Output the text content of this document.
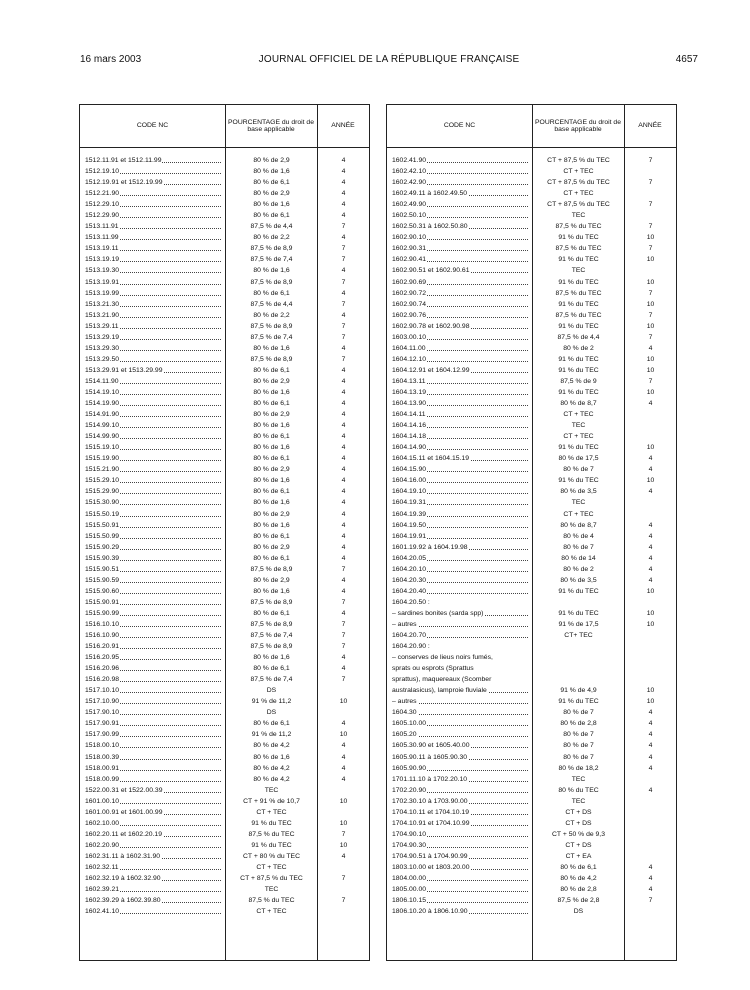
16 mars 2003	JOURNAL OFFICIEL DE LA RÉPUBLIQUE FRANÇAISE	4657
CODE NC
POURCENTAGE du droit de base applicable
ANNÉE
1512.11.91 et 1512.11.99	80 % de 2,9	4
1512.19.10	80 % de 1,6	4
1512.19.91 et 1512.19.99	80 % de 6,1	4
1512.21.90	80 % de 2,9	4
1512.29.10	80 % de 1,6	4
1512.29.90	80 % de 6,1	4
1513.11.91	87,5 % de 4,4	7
1513.11.99	80 % de 2,2	4
1513.19.11	87,5 % de 8,9	7
1513.19.19	87,5 % de 7,4	7
1513.19.30	80 % de 1,6	4
1513.19.91	87,5 % de 8,9	7
1513.19.99	80 % de 6,1	4
1513.21.30	87,5 % de 4,4	7
1513.21.90	80 % de 2,2	4
1513.29.11	87,5 % de 8,9	7
1513.29.19	87,5 % de 7,4	7
1513.29.30	80 % de 1,6	4
1513.29.50	87,5 % de 8,9	7
1513.29.91 et 1513.29.99	80 % de 6,1	4
1514.11.90	80 % de 2,9	4
1514.19.10	80 % de 1,6	4
1514.19.90	80 % de 6,1	4
1514.91.90	80 % de 2,9	4
1514.99.10	80 % de 1,6	4
1514.99.90	80 % de 6,1	4
1515.19.10	80 % de 1,6	4
1515.19.90	80 % de 6,1	4
1515.21.90	80 % de 2,9	4
1515.29.10	80 % de 1,6	4
1515.29.90	80 % de 6,1	4
1515.30.90	80 % de 1,6	4
1515.50.19	80 % de 2,9	4
1515.50.91	80 % de 1,6	4
1515.50.99	80 % de 6,1	4
1515.90.29	80 % de 2,9	4
1515.90.39	80 % de 6,1	4
1515.90.51	87,5 % de 8,9	7
1515.90.59	80 % de 2,9	4
1515.90.60	80 % de 1,6	4
1515.90.91	87,5 % de 8,9	7
1515.90.99	80 % de 6,1	4
1516.10.10	87,5 % de 8,9	7
1516.10.90	87,5 % de 7,4	7
1516.20.91	87,5 % de 8,9	7
1516.20.95	80 % de 1,6	4
1516.20.96	80 % de 6,1	4
1516.20.98	87,5 % de 7,4	7
1517.10.10	DS
1517.10.90	91 % de 11,2	10
1517.90.10	DS
1517.90.91	80 % de 6,1	4
1517.90.99	91 % de 11,2	10
1518.00.10	80 % de 4,2	4
1518.00.39	80 % de 1,6	4
1518.00.91	80 % de 4,2	4
1518.00.99	80 % de 4,2	4
1522.00.31 et 1522.00.39	TEC
1601.00.10	CT + 91 % de 10,7	10
1601.00.91 et 1601.00.99	CT + TEC
1602.10.00	91 % du TEC	10
1602.20.11 et 1602.20.19	87,5 % du TEC	7
1602.20.90	91 % du TEC	10
1602.31.11 à 1602.31.90	CT + 80 % du TEC	4
1602.32.11	CT + TEC
1602.32.19 à 1602.32.90	CT + 87,5 % du TEC	7
1602.39.21	TEC
1602.39.29 à 1602.39.80	87,5 % du TEC	7
1602.41.10	CT + TEC
CODE NC
POURCENTAGE du droit de base applicable
ANNÉE
1602.41.90	CT + 87,5 % du TEC	7
1602.42.10	CT + TEC
1602.42.90	CT + 87,5 % du TEC	7
1602.49.11 à 1602.49.50	CT + TEC
1602.49.90	CT + 87,5 % du TEC	7
1602.50.10	TEC
1602.50.31 à 1602.50.80	87,5 % du TEC	7
1602.90.10	91 % du TEC	10
1602.90.31	87,5 % du TEC	7
1602.90.41	91 % du TEC	10
1602.90.51 et 1602.90.61	TEC
1602.90.69	91 % du TEC	10
1602.90.72	87,5 % du TEC	7
1602.90.74	91 % du TEC	10
1602.90.76	87,5 % du TEC	7
1602.90.78 et 1602.90.98	91 % du TEC	10
1603.00.10	87,5 % de 4,4	7
1604.11.00	80 % de 2	4
1604.12.10	91 % du TEC	10
1604.12.91 et 1604.12.99	91 % du TEC	10
1604.13.11	87,5 % de 9	7
1604.13.19	91 % du TEC	10
1604.13.90	80 % de 8,7	4
1604.14.11	CT + TEC
1604.14.16	TEC
1604.14.18	CT + TEC
1604.14.90	91 % du TEC	10
1604.15.11 et 1604.15.19	80 % de 17,5	4
1604.15.90	80 % de 7	4
1604.16.00	91 % du TEC	10
1604.19.10	80 % de 3,5	4
1604.19.31	TEC
1604.19.39	CT + TEC
1604.19.50	80 % de 8,7	4
1604.19.91	80 % de 4	4
1601.19.92 à 1604.19.98	80 % de 7	4
1604.20.05	80 % de 14	4
1604.20.10	80 % de 2	4
1604.20.30	80 % de 3,5	4
1604.20.40	91 % du TEC	10
1604.20.50 :
– sardines bonites (sarda spp)	91 % du TEC	10
– autres	91 % de 17,5	10
1604.20.70	CT+ TEC
1604.20.90 :
– conserves de lieus noirs fumés,
sprats ou esprots (Sprattus
sprattus), maquereaux (Scomber
australasicus), lamproie fluviale	91 % de 4,9	10
– autres	91 % du TEC	10
1604.30	80 % de 7	4
1605.10.00	80 % de 2,8	4
1605.20	80 % de 7	4
1605.30.90 et 1605.40.00	80 % de 7	4
1605.90.11 à 1605.90.30	80 % de 7	4
1605.90.90	80 % de 18,2	4
1701.11.10 à 1702.20.10	TEC
1702.20.90	80 % du TEC	4
1702.30.10 à 1703.90.00	TEC
1704.10.11 et 1704.10.19	CT + DS
1704.10.91 et 1704.10.99	CT + DS
1704.90.10	CT + 50 % de 9,3
1704.90.30	CT + DS
1704.90.51 à 1704.90.99	CT + EA
1803.10.00 et 1803.20.00	80 % de 6,1	4
1804.00.00	80 % de 4,2	4
1805.00.00	80 % de 2,8	4
1806.10.15	87,5 % de 2,8	7
1806.10.20 à 1806.10.90	DS
